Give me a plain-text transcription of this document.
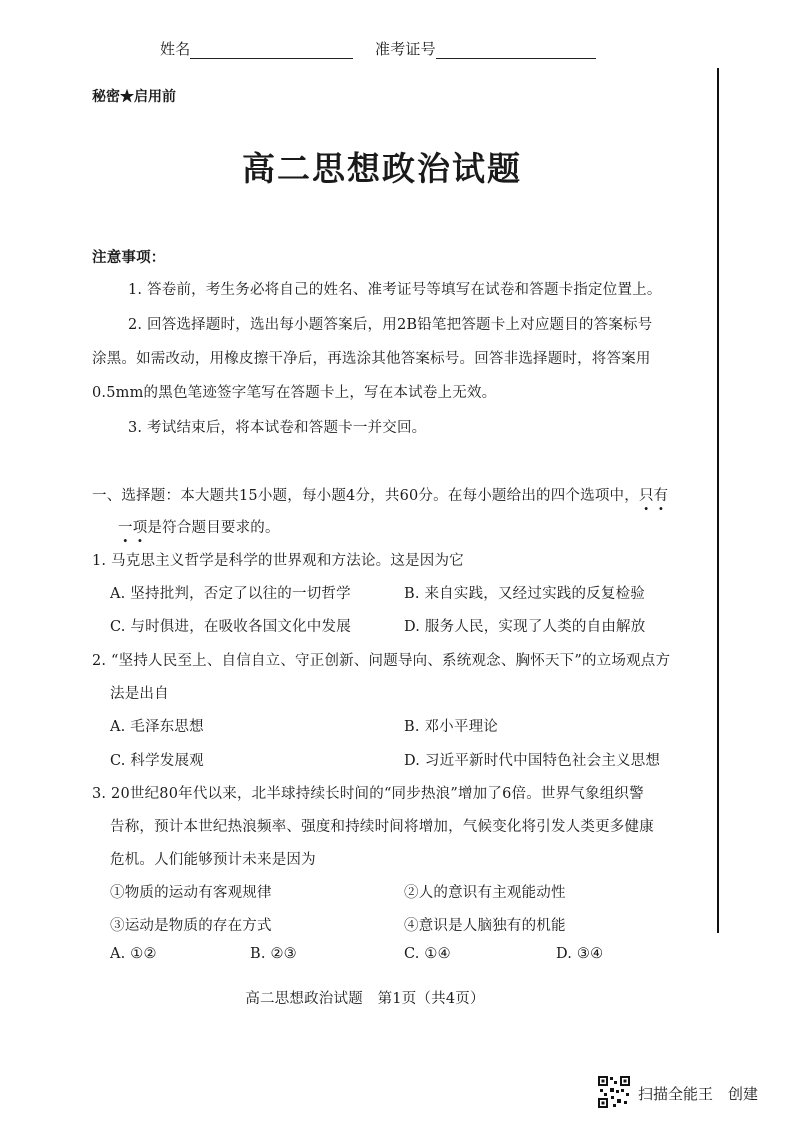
姓名	准考证号
秘密★启用前
高二思想政治试题
注意事项：
1. 答卷前，考生务必将自己的姓名、准考证号等填写在试卷和答题卡指定位置上。
2. 回答选择题时，选出每小题答案后，用2B铅笔把答题卡上对应题目的答案标号
涂黑。如需改动，用橡皮擦干净后，再选涂其他答案标号。回答非选择题时，将答案用
0.5mm的黑色笔迹签字笔写在答题卡上，写在本试卷上无效。
3. 考试结束后，将本试卷和答题卡一并交回。
一、选择题：本大题共15小题，每小题4分，共60分。在每小题给出的四个选项中，只有
一项是符合题目要求的。
1. 马克思主义哲学是科学的世界观和方法论。这是因为它
A. 坚持批判，否定了以往的一切哲学	B. 来自实践，又经过实践的反复检验
C. 与时俱进，在吸收各国文化中发展	D. 服务人民，实现了人类的自由解放
2. “坚持人民至上、自信自立、守正创新、问题导向、系统观念、胸怀天下”的立场观点方
法是出自
A. 毛泽东思想	B. 邓小平理论
C. 科学发展观	D. 习近平新时代中国特色社会主义思想
3. 20世纪80年代以来，北半球持续长时间的“同步热浪”增加了6倍。世界气象组织警
告称，预计本世纪热浪频率、强度和持续时间将增加，气候变化将引发人类更多健康
危机。人们能够预计未来是因为
①物质的运动有客观规律	②人的意识有主观能动性
③运动是物质的存在方式	④意识是人脑独有的机能
A. ①②	B. ②③	C. ①④	D. ③④
高二思想政治试题　第1页（共4页）
扫描全能王　创建
